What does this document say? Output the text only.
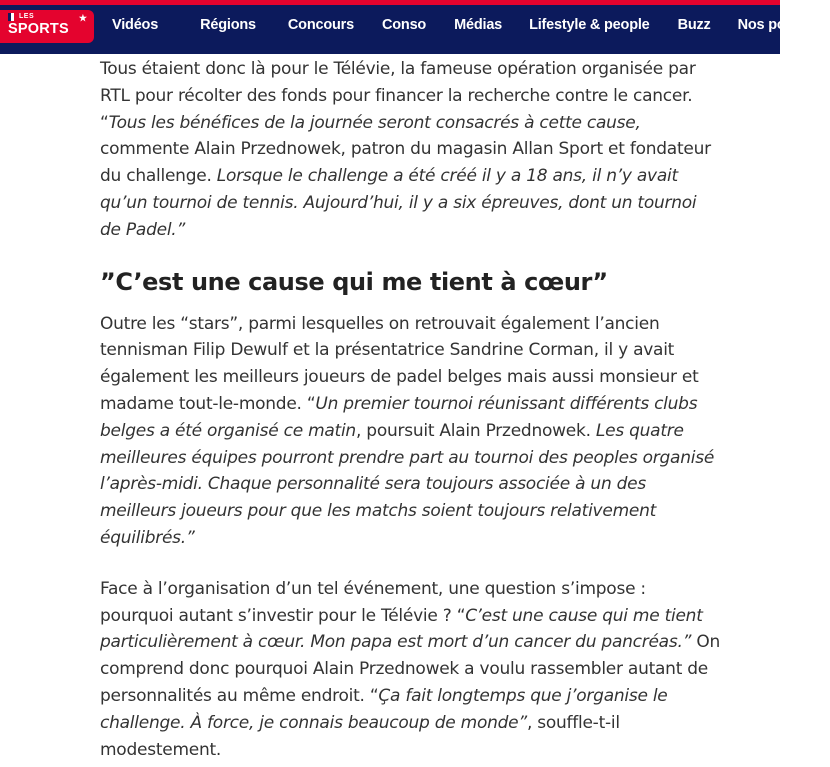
LES
SPORTS
★ Vidéos	Régions Concours Conso Médias Lifestyle & people Buzz Nos podcasts

Tous étaient donc là pour le Télévie, la fameuse opération organisée par RTL pour récolter des fonds pour financer la recherche contre le cancer. “Tous les bénéfices de la journée seront consacrés à cette cause, commente Alain Przednowek, patron du magasin Allan Sport et fondateur du challenge. Lorsque le challenge a été créé il y a 18 ans, il n’y avait qu’un tournoi de tennis. Aujourd’hui, il y a six épreuves, dont un tournoi de Padel.”

”C’est une cause qui me tient à cœur”

Outre les “stars”, parmi lesquelles on retrouvait également l’ancien tennisman Filip Dewulf et la présentatrice Sandrine Corman, il y avait également les meilleurs joueurs de padel belges mais aussi monsieur et madame tout-le-monde. “Un premier tournoi réunissant différents clubs belges a été organisé ce matin, poursuit Alain Przednowek. Les quatre meilleures équipes pourront prendre part au tournoi des peoples organisé l’après-midi. Chaque personnalité sera toujours associée à un des meilleurs joueurs pour que les matchs soient toujours relativement équilibrés.”

Face à l’organisation d’un tel événement, une question s’impose : pourquoi autant s’investir pour le Télévie ? “C’est une cause qui me tient particulièrement à cœur. Mon papa est mort d’un cancer du pancréas.” On comprend donc pourquoi Alain Przednowek a voulu rassembler autant de personnalités au même endroit. “Ça fait longtemps que j’organise le challenge. À force, je connais beaucoup de monde”, souffle-t-il modestement.
